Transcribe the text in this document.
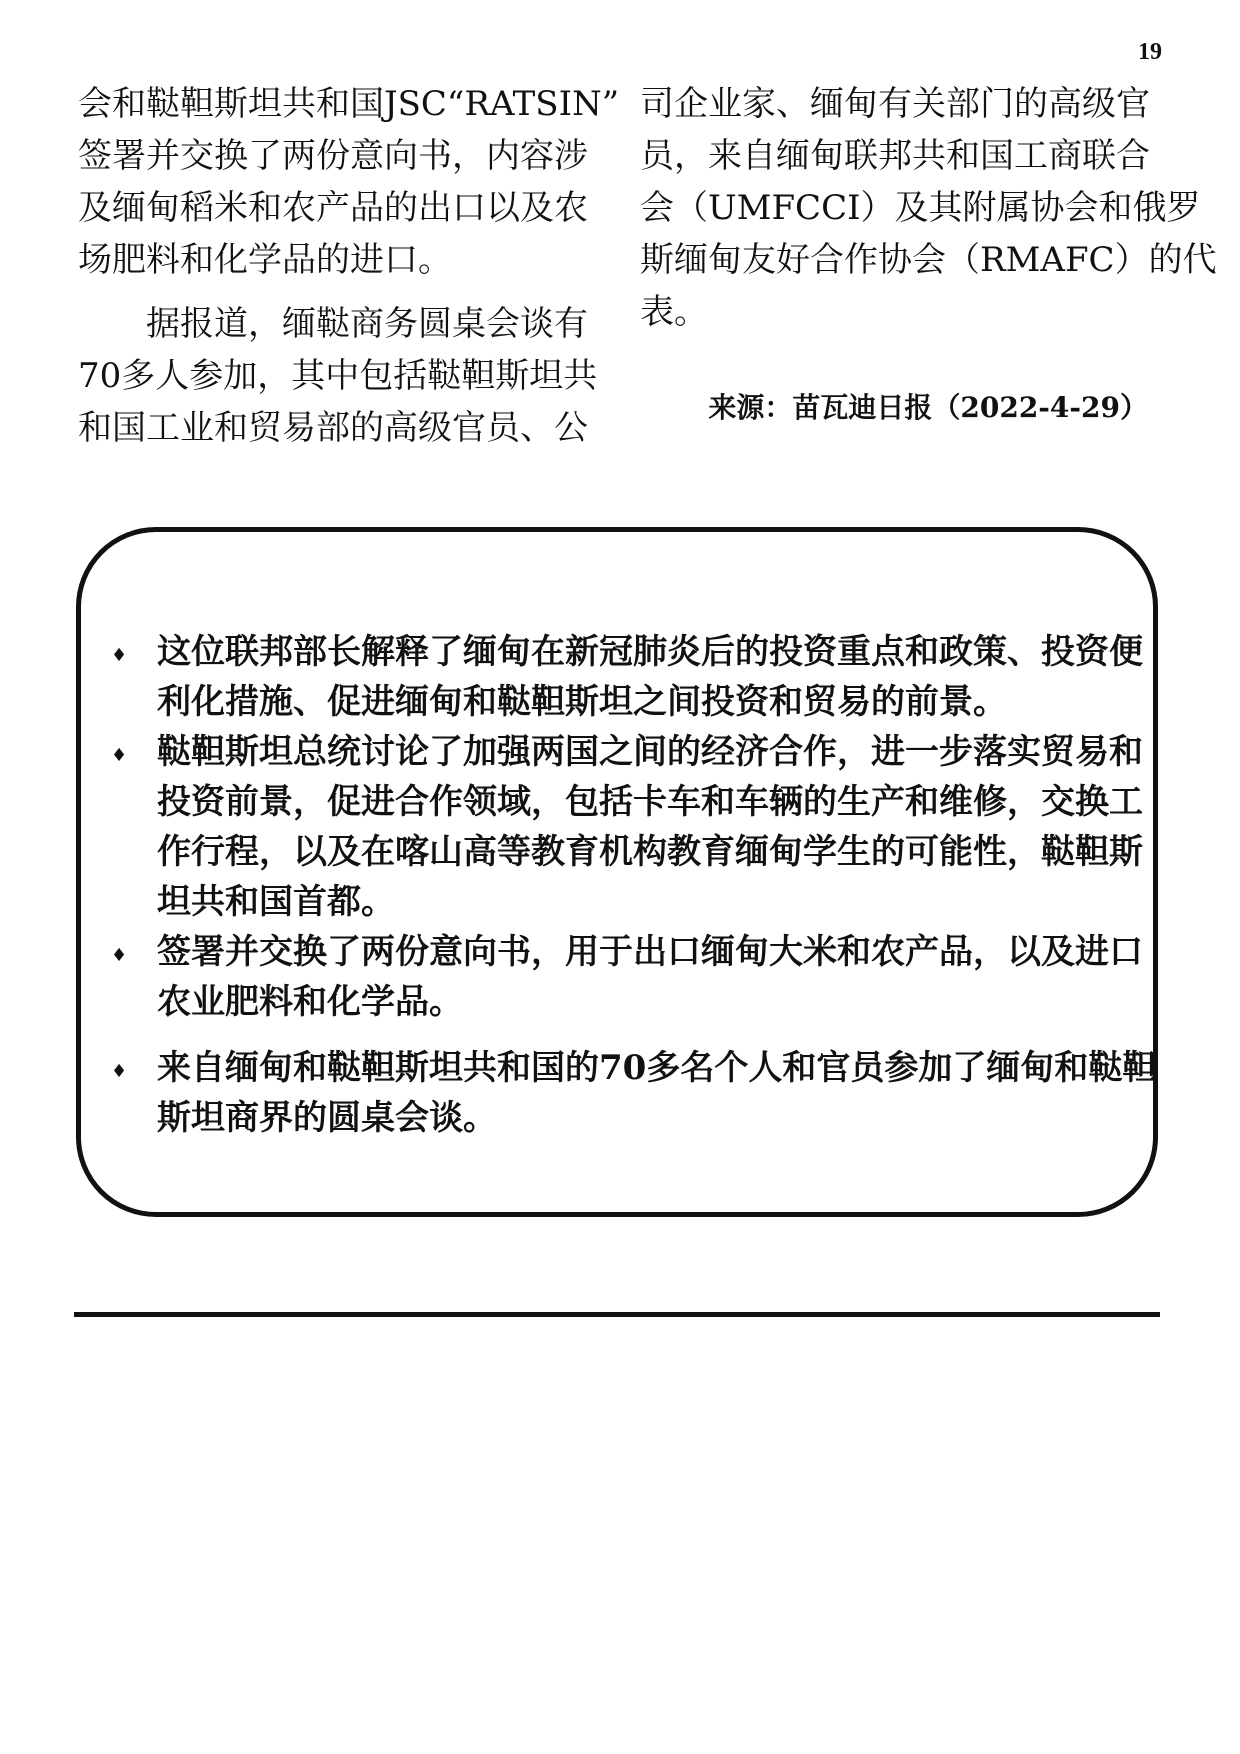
19

会和鞑靼斯坦共和国JSC“RATSIN”
签署并交换了两份意向书，内容涉
及缅甸稻米和农产品的出口以及农
场肥料和化学品的进口。

据报道，缅鞑商务圆桌会谈有
70多人参加，其中包括鞑靼斯坦共
和国工业和贸易部的高级官员、公

司企业家、缅甸有关部门的高级官
员，来自缅甸联邦共和国工商联合
会（UMFCCI）及其附属协会和俄罗
斯缅甸友好合作协会（RMAFC）的代
表。

来源：苗瓦迪日报（2022-4-29）
♦ 这位联邦部长解释了缅甸在新冠肺炎后的投资重点和政策、投资便
利化措施、促进缅甸和鞑靼斯坦之间投资和贸易的前景。
♦ 鞑靼斯坦总统讨论了加强两国之间的经济合作，进一步落实贸易和
投资前景，促进合作领域，包括卡车和车辆的生产和维修，交换工
作行程，以及在喀山高等教育机构教育缅甸学生的可能性，鞑靼斯
坦共和国首都。
♦ 签署并交换了两份意向书，用于出口缅甸大米和农产品，以及进口
农业肥料和化学品。
♦ 来自缅甸和鞑靼斯坦共和国的70多名个人和官员参加了缅甸和鞑靼
斯坦商界的圆桌会谈。
